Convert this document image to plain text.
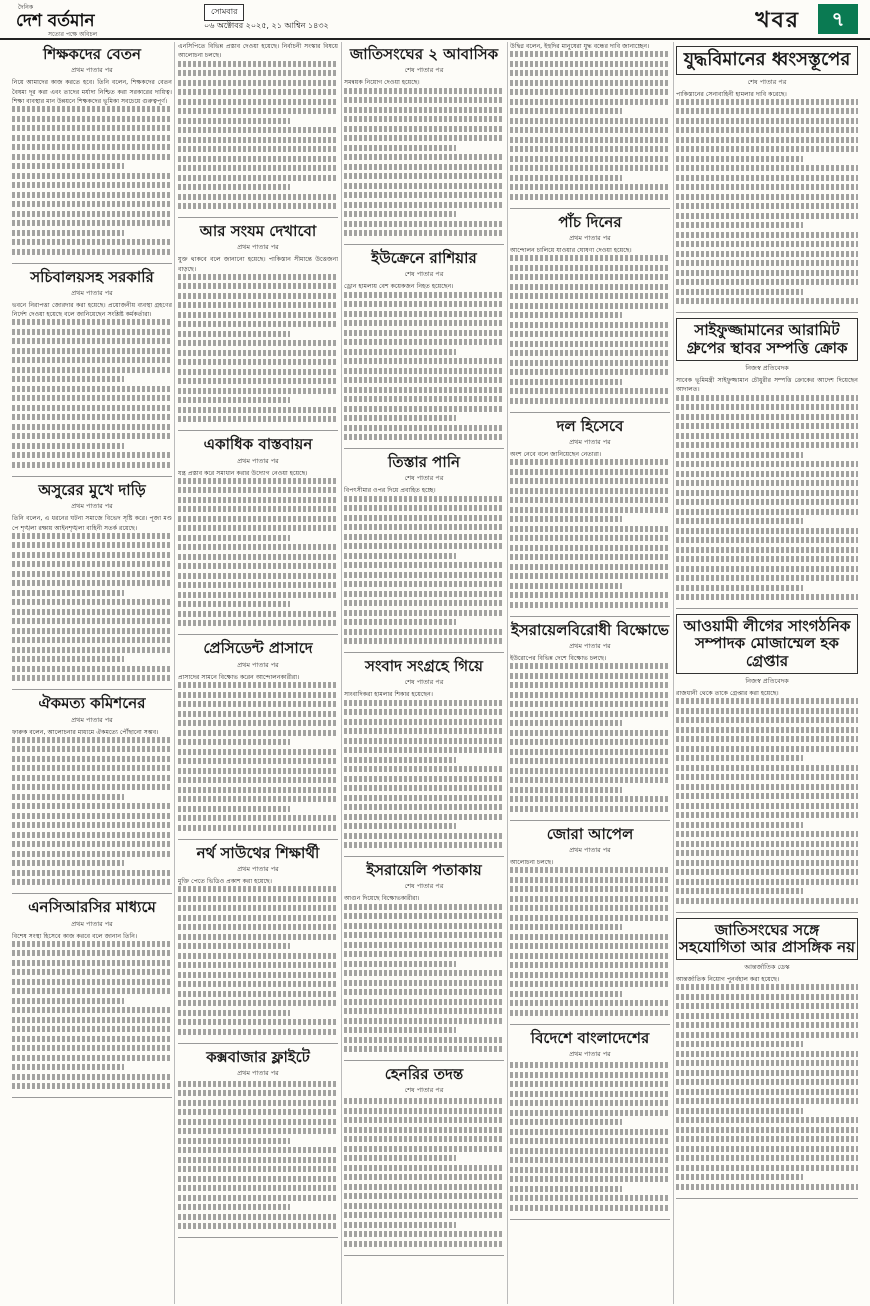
দৈনিক
দেশ বর্তমান
সত্যের পক্ষে অবিচল
সোমবার
০৬ অক্টোবর ২০২৫, ২১ আশ্বিন ১৪৩২	খবর	৭
শিক্ষকদের বেতন
প্রথম পাতার পর
নিয়ে আমাদের কাজ করতে হবে। তিনি বলেন, শিক্ষকদের বেতন বৈষম্য দূর করা এবং তাদের মর্যাদা নিশ্চিত করা সরকারের দায়িত্ব। শিক্ষা ব্যবস্থার মান উন্নয়নে শিক্ষকদের ভূমিকা সবচেয়ে গুরুত্বপূর্ণ।
সচিবালয়সহ সরকারি
প্রথম পাতার পর
ভবনে নিরাপত্তা জোরদার করা হয়েছে। প্রয়োজনীয় ব্যবস্থা গ্রহণের নির্দেশ দেওয়া হয়েছে বলে জানিয়েছেন সংশ্লিষ্ট কর্মকর্তারা।
অসুরের মুখে দাড়ি
প্রথম পাতার পর
তিনি বলেন, এ ধরনের ঘটনা সমাজে বিভেদ সৃষ্টি করে। পূজা মণ্ডপে শৃঙ্খলা রক্ষায় আইনশৃঙ্খলা বাহিনী সতর্ক রয়েছে।
ঐকমত্য কমিশনের
প্রথম পাতার পর
ফারুক বলেন, আলোচনার মাধ্যমে ঐকমত্যে পৌঁছানো সম্ভব।
এনসিআরসির মাধ্যমে
প্রথম পাতার পর
বিশেষ সংস্থা হিসেবে কাজ করবে বলে জানান তিনি।
এনসিপিতে বিভিন্ন প্রস্তাব দেওয়া হয়েছে। নির্বাচনী সংস্কার বিষয়ে আলোচনা চলছে।
আর সংযম দেখাবো
প্রথম পাতার পর
যুক্ত থাকবে বলে জানানো হয়েছে। পাকিস্তান সীমান্তে উত্তেজনা বাড়ছে।
একাধিক বাস্তবায়ন
প্রথম পাতার পর
যন্ত্র প্রস্তাব করে সমাধান করার উদ্যোগ নেওয়া হয়েছে।
প্রেসিডেন্ট প্রাসাদে
প্রথম পাতার পর
প্রাসাদের সামনে বিক্ষোভ করেন আন্দোলনকারীরা।
নর্থ সাউথের শিক্ষার্থী
প্রথম পাতার পর
মুক্তি পেতে ভিডিও প্রকাশ করা হয়েছে।
কক্সবাজার ফ্লাইটে
প্রথম পাতার পর
জাতিসংঘের ২ আবাসিক
শেষ পাতার পর
সমন্বয়ক নিয়োগ দেওয়া হয়েছে।
ইউক্রেনে রাশিয়ার
শেষ পাতার পর
ড্রোন হামলায় বেশ কয়েকজন নিহত হয়েছেন।
তিস্তার পানি
শেষ পাতার পর
বিপৎসীমার ওপর দিয়ে প্রবাহিত হচ্ছে।
সংবাদ সংগ্রহে গিয়ে
শেষ পাতার পর
সাংবাদিকরা হামলার শিকার হয়েছেন।
ইসরায়েলি পতাকায়
শেষ পাতার পর
আগুন দিয়েছে বিক্ষোভকারীরা।
হেনরির তদন্ত
শেষ পাতার পর
উদ্বিগ্ন বলেন, ইহুদির মানুষেরা যুদ্ধ বন্ধের দাবি জানাচ্ছেন।
পাঁচ দিনের
প্রথম পাতার পর
আন্দোলন চালিয়ে যাওয়ার ঘোষণা দেওয়া হয়েছে।
দল হিসেবে
প্রথম পাতার পর
অংশ নেবে বলে জানিয়েছেন নেতারা।
ইসরায়েলবিরোধী বিক্ষোভে
প্রথম পাতার পর
ইউরোপের বিভিন্ন দেশে বিক্ষোভ চলছে।
জোরা আপেল
প্রথম পাতার পর
আলোচনা চলছে।
বিদেশে বাংলাদেশের
প্রথম পাতার পর
যুদ্ধবিমানের ধ্বংসস্তূপের
শেষ পাতার পর
পাকিস্তানের সেনাবাহিনী হামলার দাবি করেছে।
সাইফুজ্জামানের আরামিট গ্রুপের স্থাবর সম্পত্তি ক্রোক
নিজস্ব প্রতিবেদক
সাবেক ভূমিমন্ত্রী সাইফুজ্জামান চৌধুরীর সম্পত্তি ক্রোকের আদেশ দিয়েছেন আদালত।
আওয়ামী লীগের সাংগঠনিক সম্পাদক মোজাম্মেল হক গ্রেপ্তার
নিজস্ব প্রতিবেদক
রাজধানী থেকে তাকে গ্রেপ্তার করা হয়েছে।
জাতিসংঘের সঙ্গে সহযোগিতা আর প্রাসঙ্গিক নয়
আন্তর্জাতিক ডেস্ক
আন্তর্জাতিক নিয়োগ পুনর্বহাল করা হয়েছে।
